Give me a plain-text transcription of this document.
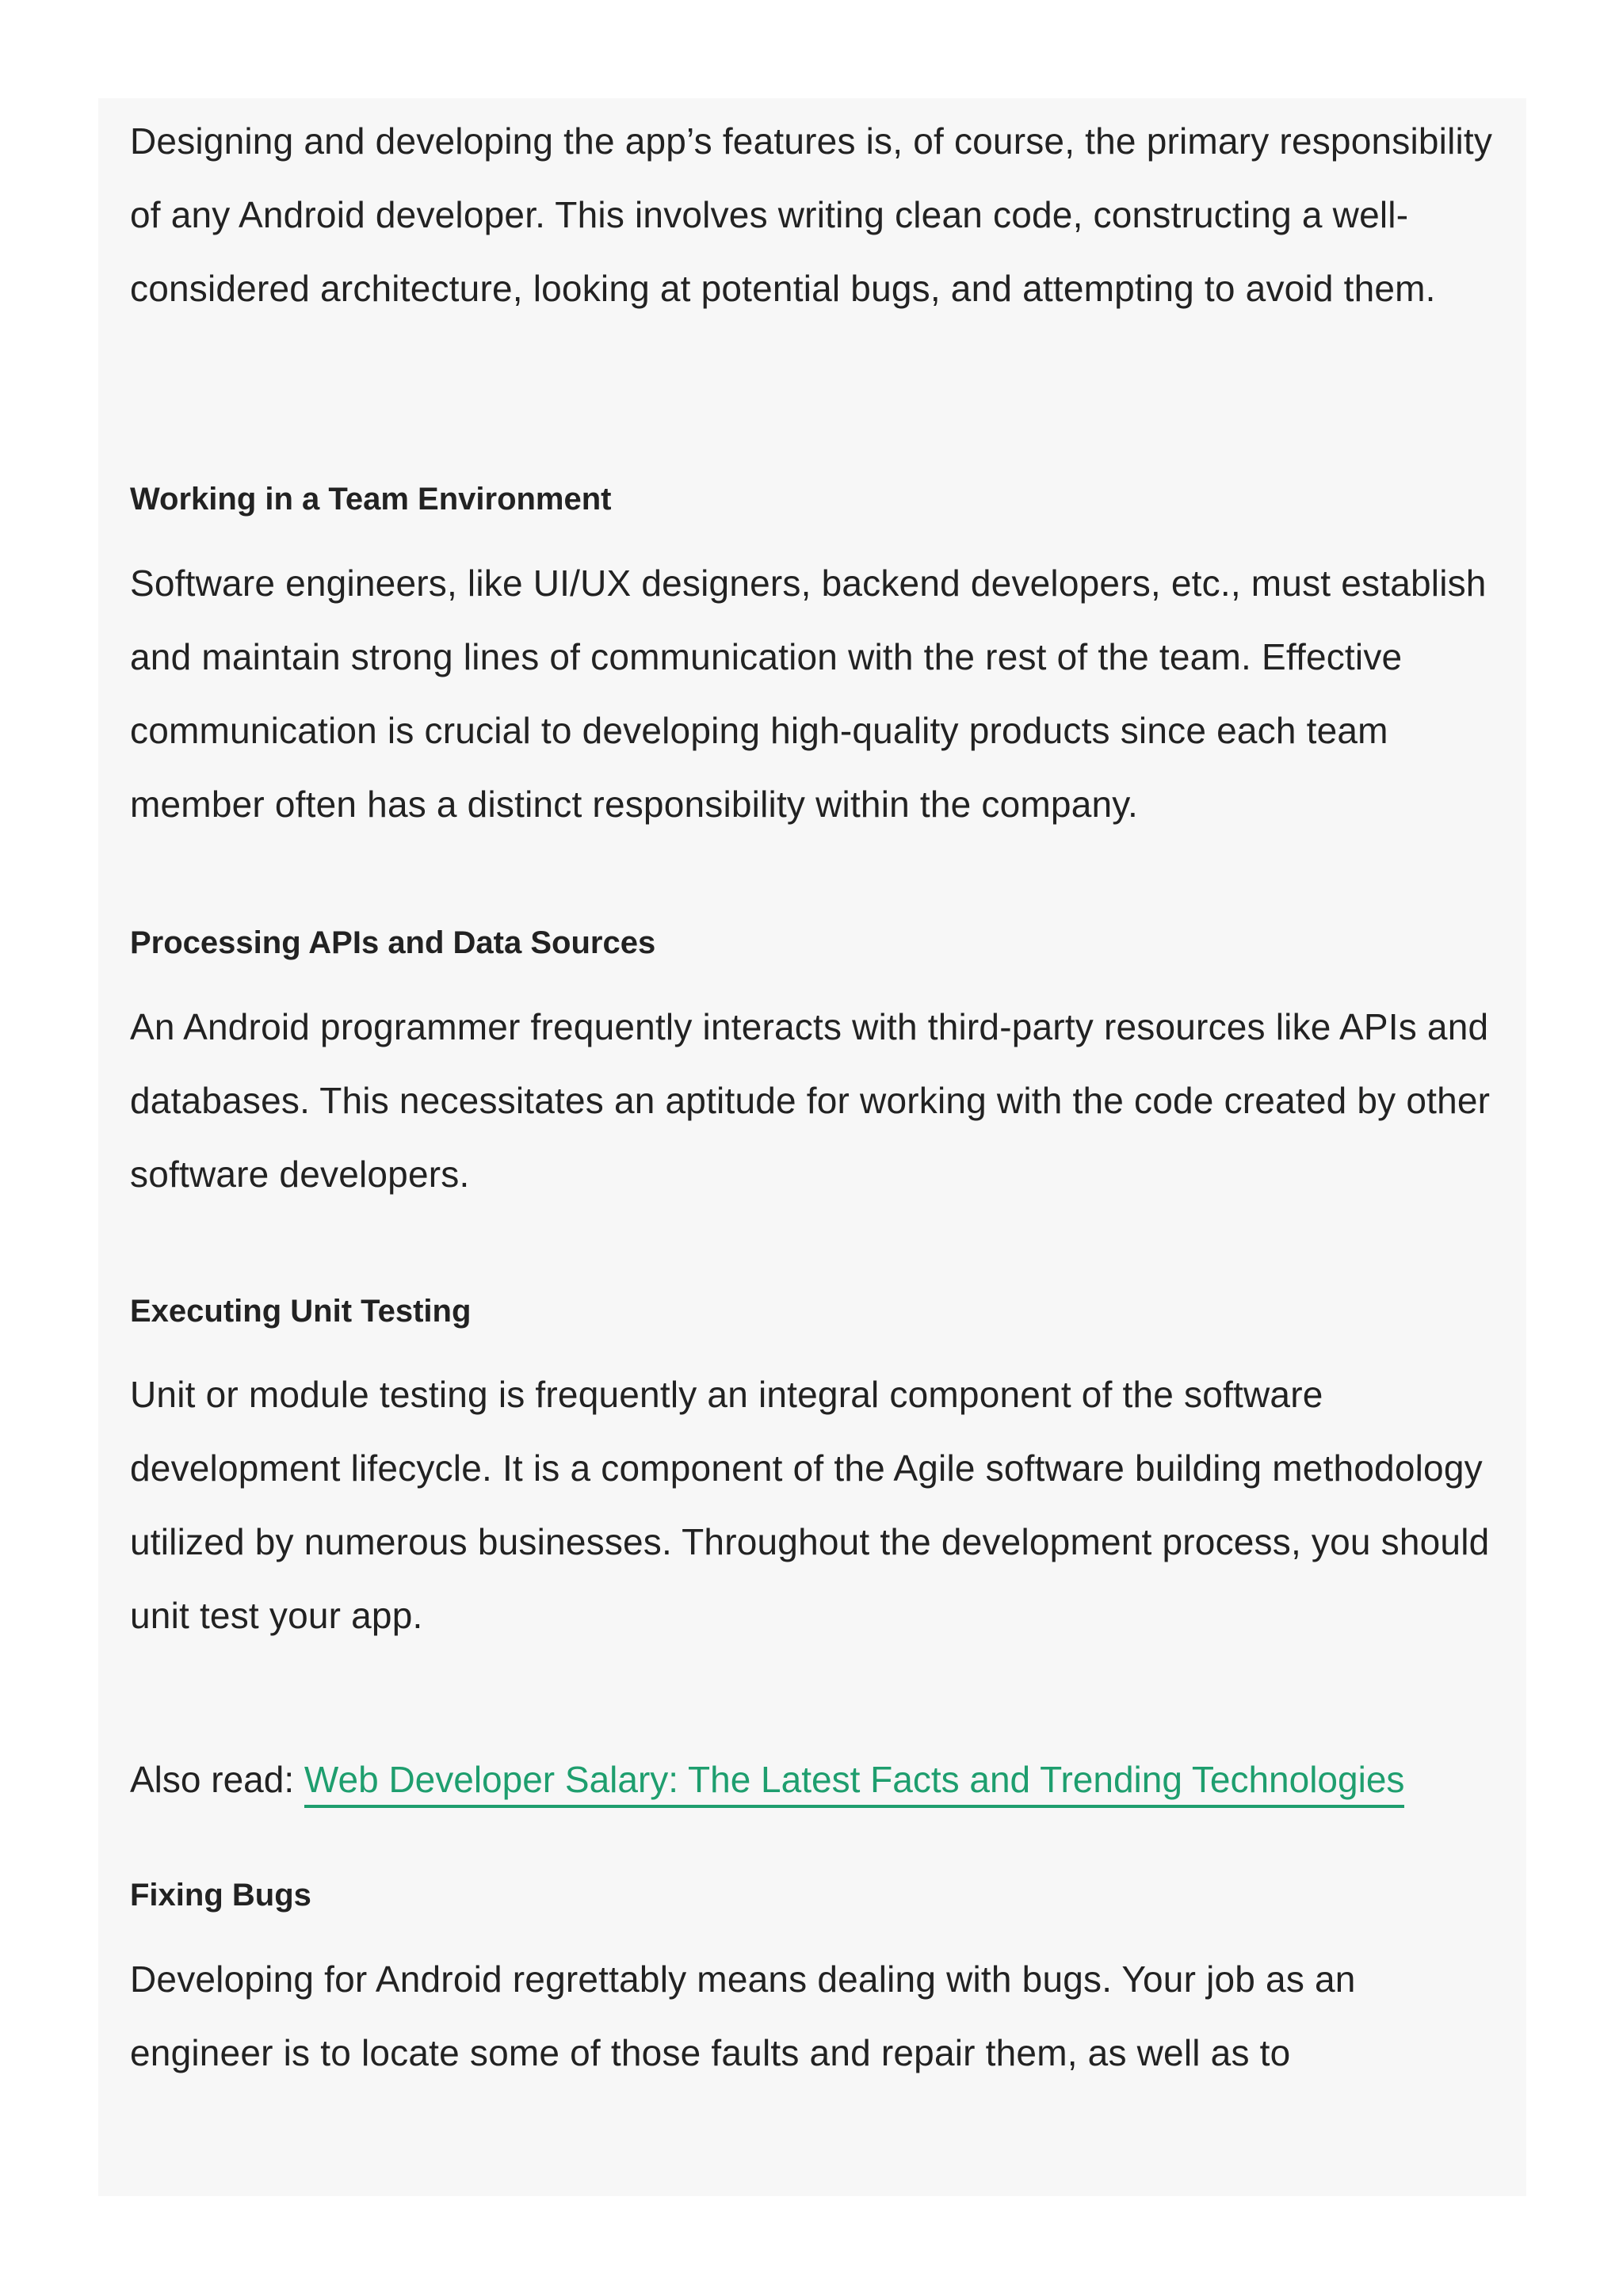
Designing and developing the app’s features is, of course, the primary responsibility of any Android developer. This involves writing clean code, constructing a well-considered architecture, looking at potential bugs, and attempting to avoid them.

Working in a Team Environment

Software engineers, like UI/UX designers, backend developers, etc., must establish and maintain strong lines of communication with the rest of the team. Effective communication is crucial to developing high-quality products since each team member often has a distinct responsibility within the company.

Processing APIs and Data Sources

An Android programmer frequently interacts with third-party resources like APIs and databases. This necessitates an aptitude for working with the code created by other software developers.

Executing Unit Testing

Unit or module testing is frequently an integral component of the software development lifecycle. It is a component of the Agile software building methodology utilized by numerous businesses. Throughout the development process, you should unit test your app.

Also read: Web Developer Salary: The Latest Facts and Trending Technologies

Fixing Bugs

Developing for Android regrettably means dealing with bugs. Your job as an engineer is to locate some of those faults and repair them, as well as to
